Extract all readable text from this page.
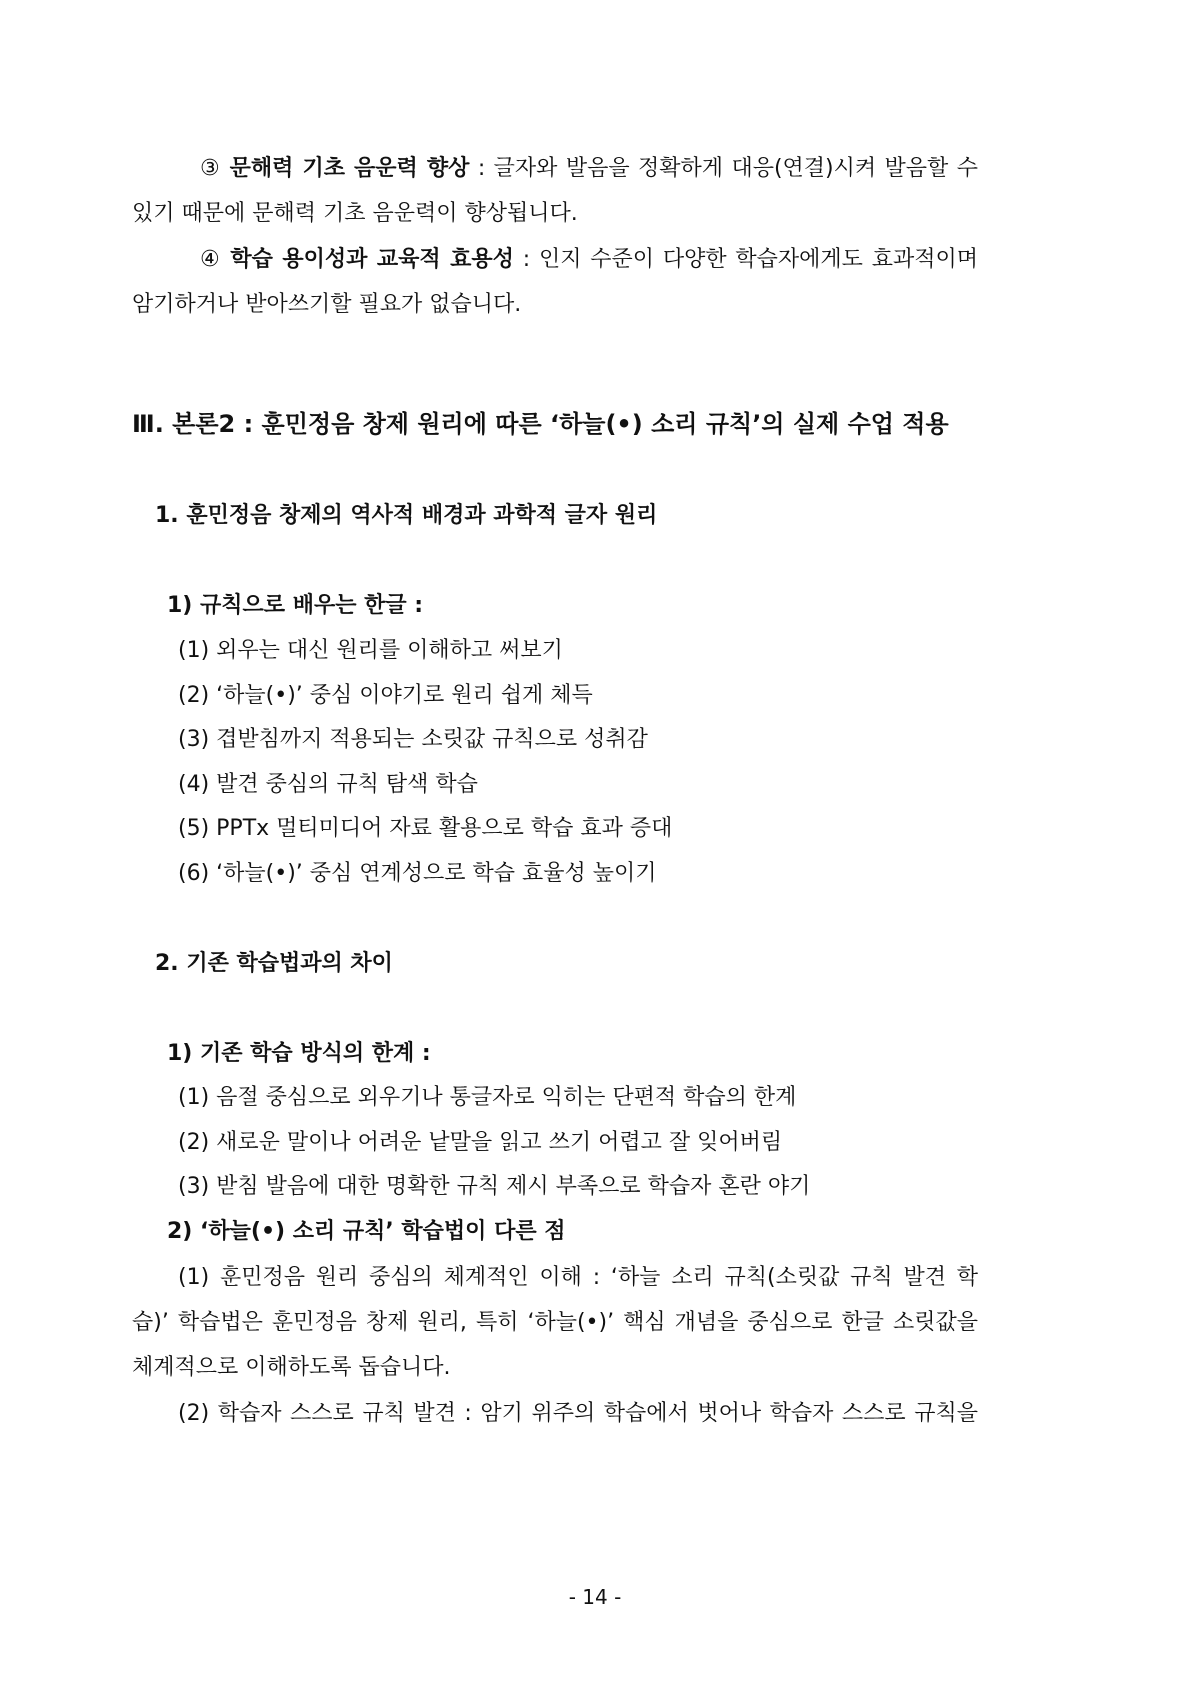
③ 문해력 기초 음운력 향상 : 글자와 발음을 정확하게 대응(연결)시켜 발음할 수
있기 때문에 문해력 기초 음운력이 향상됩니다.
④ 학습 용이성과 교육적 효용성 : 인지 수준이 다양한 학습자에게도 효과적이며
암기하거나 받아쓰기할 필요가 없습니다.
Ⅲ. 본론2 : 훈민정음 창제 원리에 따른 ‘하늘(•) 소리 규칙’의 실제 수업 적용
1. 훈민정음 창제의 역사적 배경과 과학적 글자 원리
1) 규칙으로 배우는 한글 :
(1) 외우는 대신 원리를 이해하고 써보기
(2) ‘하늘(•)’ 중심 이야기로 원리 쉽게 체득
(3) 겹받침까지 적용되는 소릿값 규칙으로 성취감
(4) 발견 중심의 규칙 탐색 학습
(5) PPTx 멀티미디어 자료 활용으로 학습 효과 증대
(6) ‘하늘(•)’ 중심 연계성으로 학습 효율성 높이기
2. 기존 학습법과의 차이
1) 기존 학습 방식의 한계 :
(1) 음절 중심으로 외우기나 통글자로 익히는 단편적 학습의 한계
(2) 새로운 말이나 어려운 낱말을 읽고 쓰기 어렵고 잘 잊어버림
(3) 받침 발음에 대한 명확한 규칙 제시 부족으로 학습자 혼란 야기
2) ‘하늘(•) 소리 규칙’ 학습법이 다른 점
(1) 훈민정음 원리 중심의 체계적인 이해 : ‘하늘 소리 규칙(소릿값 규칙 발견 학
습)’ 학습법은 훈민정음 창제 원리, 특히 ‘하늘(•)’ 핵심 개념을 중심으로 한글 소릿값을
체계적으로 이해하도록 돕습니다.
(2) 학습자 스스로 규칙 발견 : 암기 위주의 학습에서 벗어나 학습자 스스로 규칙을
- 14 -
